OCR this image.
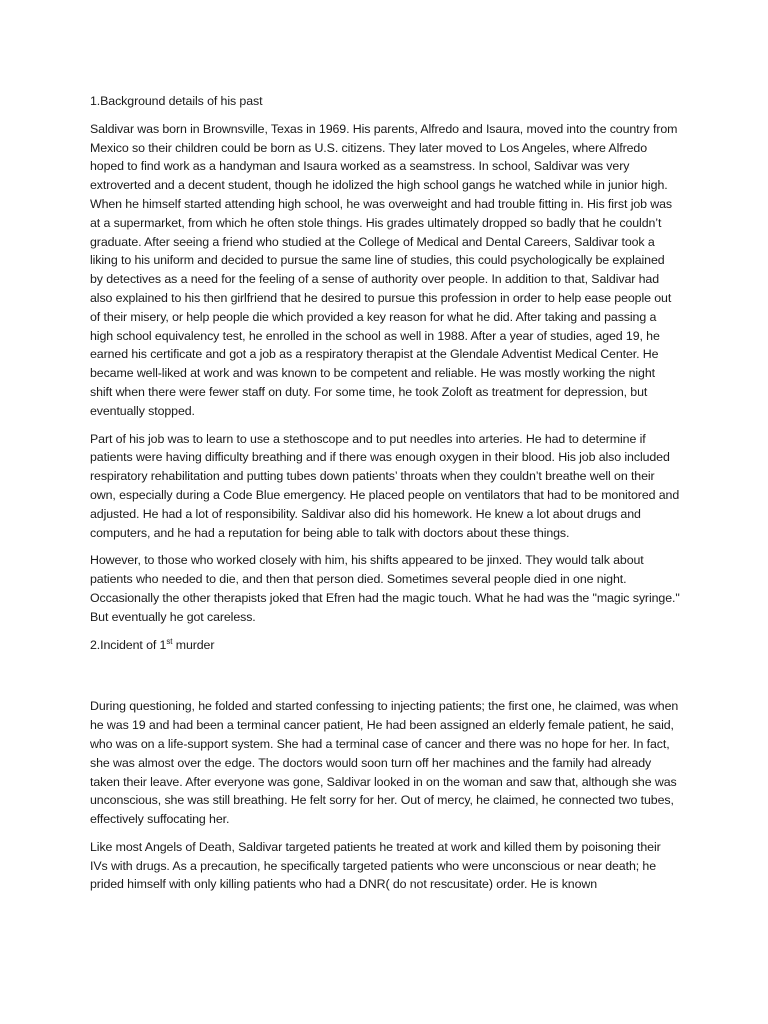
1.Background details of his past

Saldivar was born in Brownsville, Texas in 1969. His parents, Alfredo and Isaura, moved into the country from Mexico so their children could be born as U.S. citizens. They later moved to Los Angeles, where Alfredo hoped to find work as a handyman and Isaura worked as a seamstress. In school, Saldivar was very extroverted and a decent student, though he idolized the high school gangs he watched while in junior high. When he himself started attending high school, he was overweight and had trouble fitting in. His first job was at a supermarket, from which he often stole things. His grades ultimately dropped so badly that he couldn’t graduate. After seeing a friend who studied at the College of Medical and Dental Careers, Saldivar took a liking to his uniform and decided to pursue the same line of studies, this could psychologically be explained by detectives as a need for the feeling of a sense of authority over people. In addition to that, Saldivar had also explained to his then girlfriend that he desired to pursue this profession in order to help ease people out of their misery, or help people die which provided a key reason for what he did. After taking and passing a high school equivalency test, he enrolled in the school as well in 1988. After a year of studies, aged 19, he earned his certificate and got a job as a respiratory therapist at the Glendale Adventist Medical Center. He became well-liked at work and was known to be competent and reliable. He was mostly working the night shift when there were fewer staff on duty. For some time, he took Zoloft as treatment for depression, but eventually stopped.

Part of his job was to learn to use a stethoscope and to put needles into arteries. He had to determine if patients were having difficulty breathing and if there was enough oxygen in their blood. His job also included respiratory rehabilitation and putting tubes down patients’ throats when they couldn’t breathe well on their own, especially during a Code Blue emergency. He placed people on ventilators that had to be monitored and adjusted. He had a lot of responsibility. Saldivar also did his homework. He knew a lot about drugs and computers, and he had a reputation for being able to talk with doctors about these things.

However, to those who worked closely with him, his shifts appeared to be jinxed. They would talk about patients who needed to die, and then that person died. Sometimes several people died in one night. Occasionally the other therapists joked that Efren had the magic touch. What he had was the "magic syringe." But eventually he got careless.

2.Incident of 1st murder

During questioning, he folded and started confessing to injecting patients; the first one, he claimed, was when he was 19 and had been a terminal cancer patient, He had been assigned an elderly female patient, he said, who was on a life-support system. She had a terminal case of cancer and there was no hope for her. In fact, she was almost over the edge. The doctors would soon turn off her machines and the family had already taken their leave. After everyone was gone, Saldivar looked in on the woman and saw that, although she was unconscious, she was still breathing. He felt sorry for her. Out of mercy, he claimed, he connected two tubes, effectively suffocating her.

Like most Angels of Death, Saldivar targeted patients he treated at work and killed them by poisoning their IVs with drugs. As a precaution, he specifically targeted patients who were unconscious or near death; he prided himself with only killing patients who had a DNR( do not rescusitate) order. He is known
